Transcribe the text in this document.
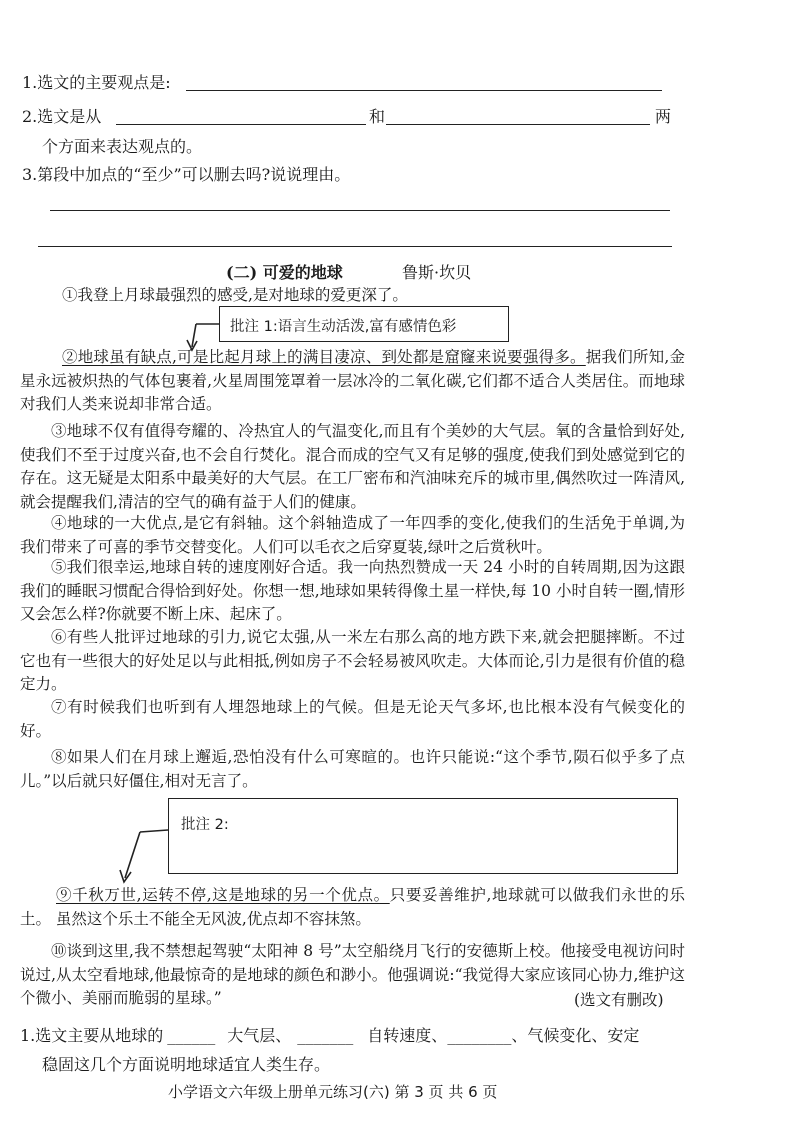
1.选文的主要观点是:
2.选文是从	和	两
个方面来表达观点的。
3.第段中加点的“至少”可以删去吗?说说理由。
(二) 可爱的地球	鲁斯·坎贝
①我登上月球最强烈的感受,是对地球的爱更深了。
批注 1:语言生动活泼,富有感情色彩
②地球虽有缺点,可是比起月球上的满目凄凉、到处都是窟窿来说要强得多。据我们所知,金星永远被炽热的气体包裹着,火星周围笼罩着一层冰冷的二氧化碳,它们都不适合人类居住。而地球对我们人类来说却非常合适。
③地球不仅有值得夸耀的、冷热宜人的气温变化,而且有个美妙的大气层。氧的含量恰到好处,使我们不至于过度兴奋,也不会自行焚化。混合而成的空气又有足够的强度,使我们到处感觉到它的存在。这无疑是太阳系中最美好的大气层。在工厂密布和汽油味充斥的城市里,偶然吹过一阵清风,就会提醒我们,清洁的空气的确有益于人们的健康。
④地球的一大优点,是它有斜轴。这个斜轴造成了一年四季的变化,使我们的生活免于单调,为我们带来了可喜的季节交替变化。人们可以毛衣之后穿夏装,绿叶之后赏秋叶。
⑤我们很幸运,地球自转的速度刚好合适。我一向热烈赞成一天 24 小时的自转周期,因为这跟我们的睡眠习惯配合得恰到好处。你想一想,地球如果转得像土星一样快,每 10 小时自转一圈,情形又会怎么样?你就要不断上床、起床了。
⑥有些人批评过地球的引力,说它太强,从一米左右那么高的地方跌下来,就会把腿摔断。不过它也有一些很大的好处足以与此相抵,例如房子不会轻易被风吹走。大体而论,引力是很有价值的稳定力。
⑦有时候我们也听到有人埋怨地球上的气候。但是无论天气多坏,也比根本没有气候变化的好。
⑧如果人们在月球上邂逅,恐怕没有什么可寒暄的。也许只能说:“这个季节,陨石似乎多了点儿。”以后就只好僵住,相对无言了。
批注 2:
⑨千秋万世,运转不停,这是地球的另一个优点。只要妥善维护,地球就可以做我们永世的乐土。 虽然这个乐土不能全无风波,优点却不容抹煞。
⑩谈到这里,我不禁想起驾驶“太阳神 8 号”太空船绕月飞行的安德斯上校。他接受电视访问时说过,从太空看地球,他最惊奇的是地球的颜色和渺小。他强调说:“我觉得大家应该同心协力,维护这个微小、美丽而脆弱的星球。”	(选文有删改)
1.选文主要从地球的 ______ 大气层、 _______ 自转速度、________、气候变化、安定
稳固这几个方面说明地球适宜人类生存。
小学语文六年级上册单元练习(六) 第 3 页 共 6 页
